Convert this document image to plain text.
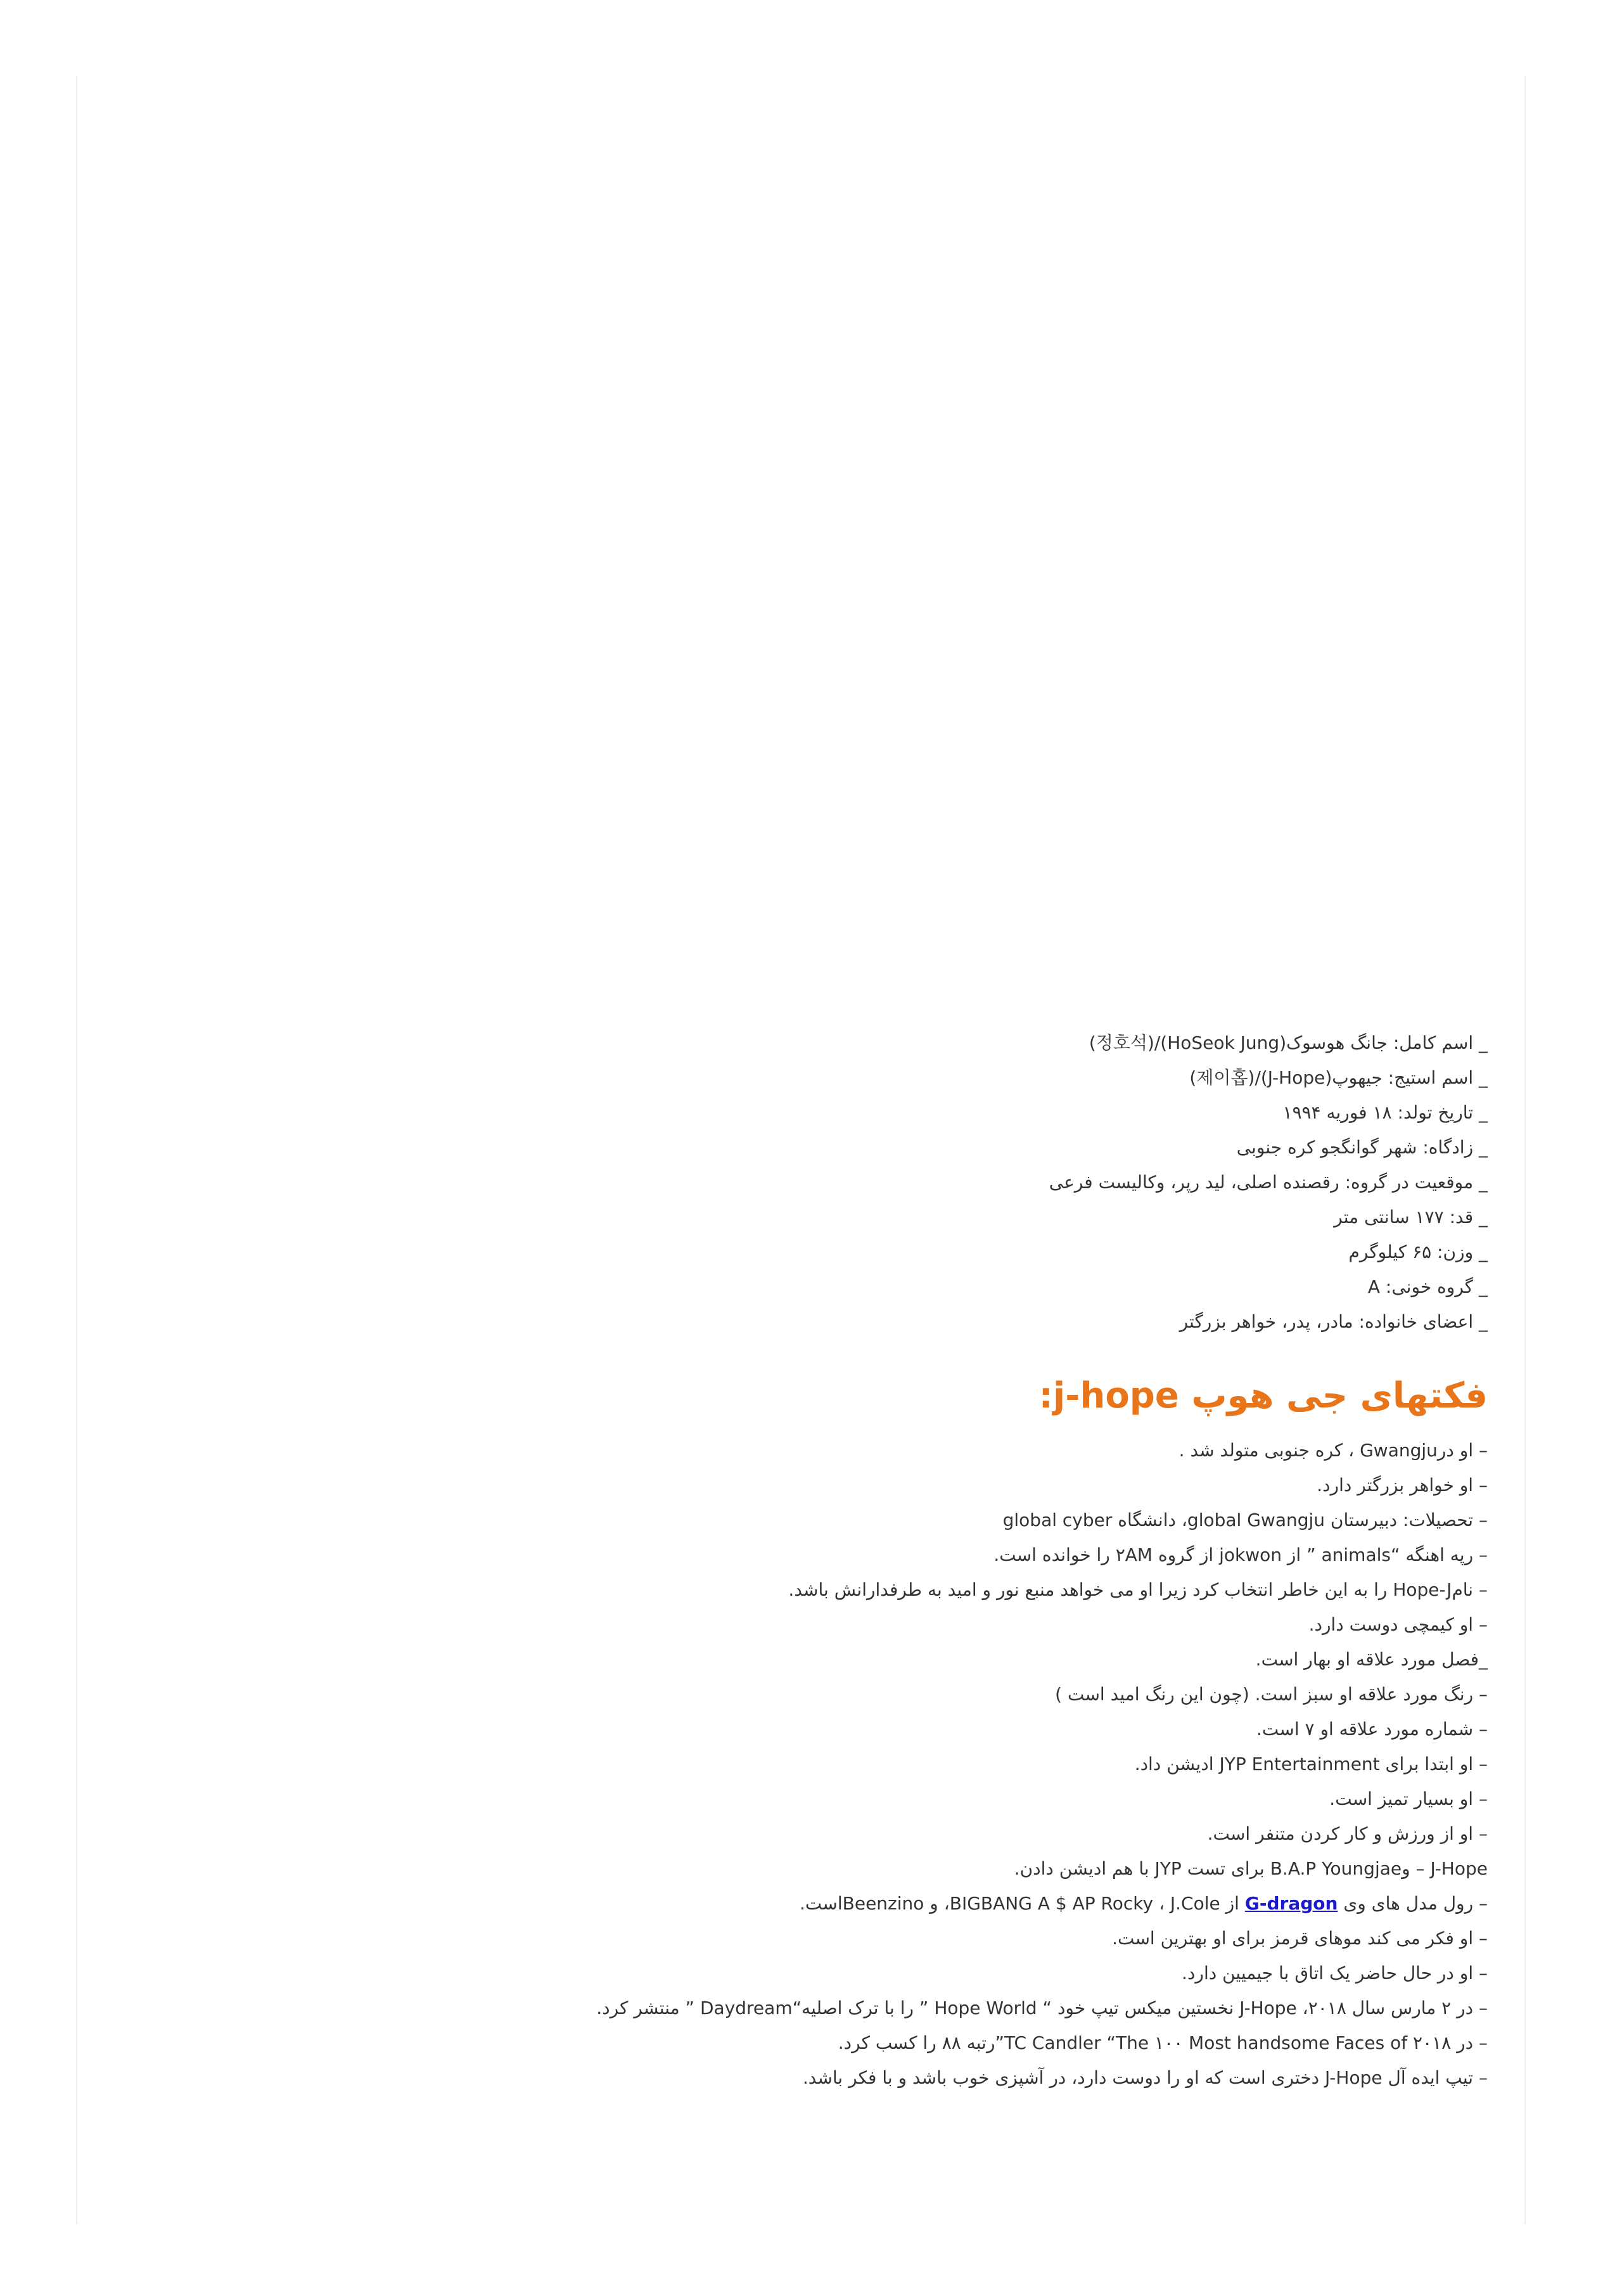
_ اسم کامل: جانگ هوسوک(HoSeok Jung)/(정호석)
_ اسم استیج: جیهوپ(J-Hope)/(제이홉)
_ تاریخ تولد: ۱۸ فوریه ۱۹۹۴
_ زادگاه: شهر گوانگجو کره جنوبی
_ موقعیت در گروه: رقصنده اصلی، لید رپر، وکالیست فرعی
_ قد: ۱۷۷ سانتی متر
_ وزن: ۶۵ کیلوگرم
_ گروه خونی: A
_ اعضای خانواده: مادر، پدر، خواهر بزرگتر
فکتهای جی هوپ j-hope:
– او درGwangju ، کره جنوبی متولد شد .
– او خواهر بزرگتر دارد.
– تحصیلات: دبیرستان global Gwangju، دانشگاه global cyber
– رپه اهنگه “animals ” از jokwon از گروه ۲AM را خوانده است.
– نامHope-J را به این خاطر انتخاب کرد زیرا او می خواهد منبع نور و امید به طرفدارانش باشد.
– او کیمچی دوست دارد.
_فصل مورد علاقه او بهار است.
– رنگ مورد علاقه او سبز است. (چون این رنگ امید است )
– شماره مورد علاقه او ۷ است.
– او ابتدا برای JYP Entertainment ادیشن داد.
– او بسیار تمیز است.
– او از ورزش و کار کردن متنفر است.
J-Hope – وB.A.P Youngjae برای تست JYP با هم ادیشن دادن.
– رول مدل های وی G-dragon از BIGBANG A $ AP Rocky ، J.Cole، و Beenzinoاست.
– او فکر می کند موهای قرمز برای او بهترین است.
– او در حال حاضر یک اتاق با جیمیین دارد.
– در ۲ مارس سال ۲۰۱۸، J-Hope نخستین میکس تیپ خود “ Hope World ” را با ترک اصلیه“Daydream ” منتشر کرد.
– در ۲۰۱۸ TC Candler “The ۱۰۰ Most handsome Faces of”رتبه ۸۸ را کسب کرد.
– تیپ ایده آل J-Hope دختری است که او را دوست دارد، در آشپزی خوب باشد و با فکر باشد.
